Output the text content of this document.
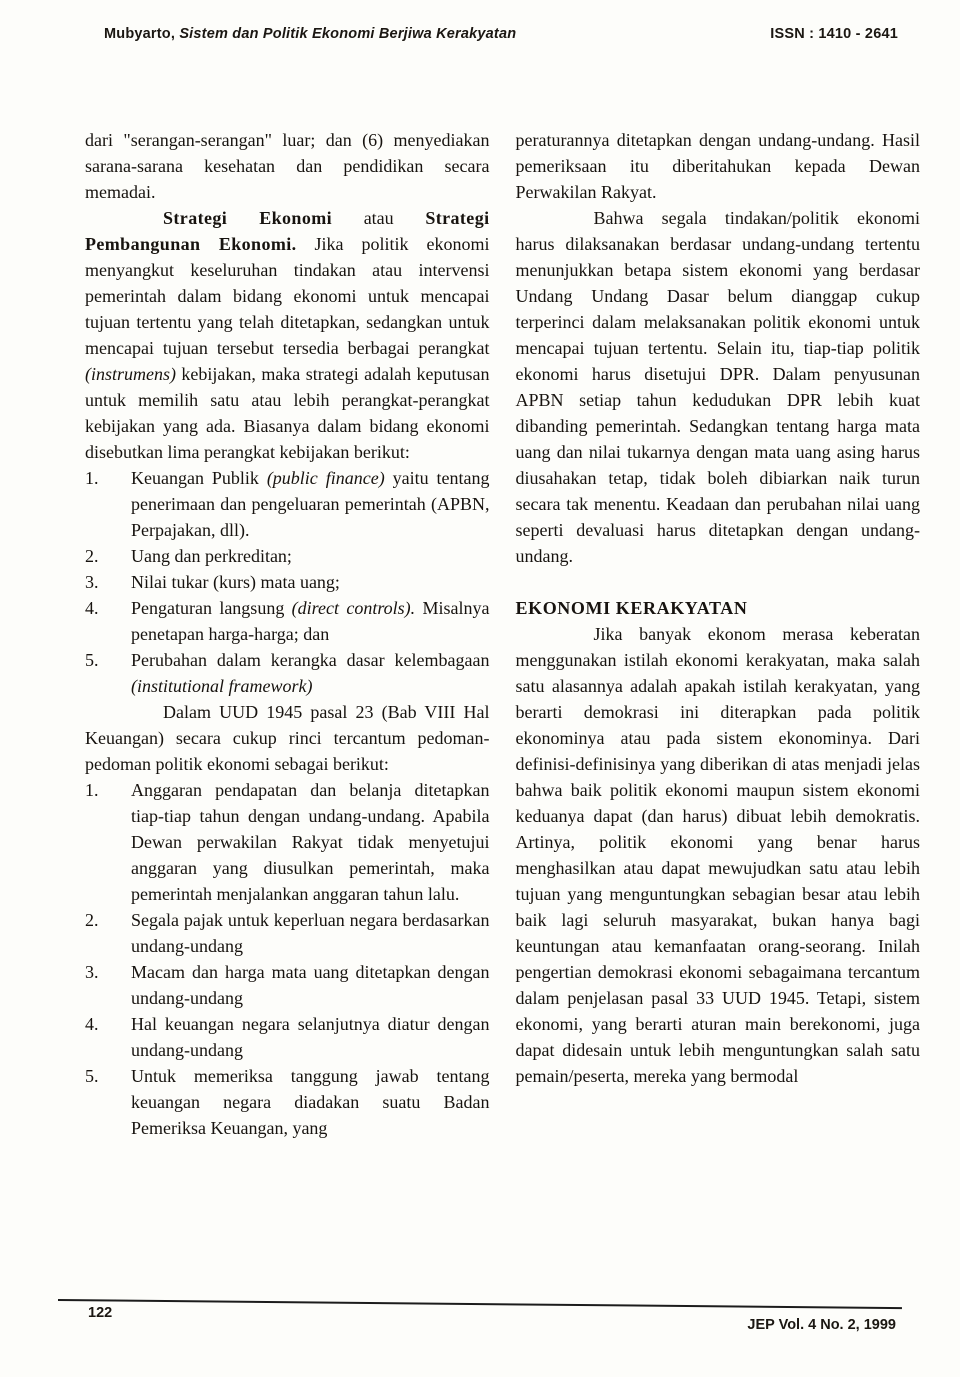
Mubyarto, Sistem dan Politik Ekonomi Berjiwa Kerakyatan	ISSN : 1410 - 2641

dari "serangan-serangan" luar; dan (6) menyediakan sarana-sarana kesehatan dan pendidikan secara memadai.

Strategi Ekonomi atau Strategi Pembangunan Ekonomi. Jika politik ekonomi menyangkut keseluruhan tindakan atau intervensi pemerintah dalam bidang ekonomi untuk mencapai tujuan tertentu yang telah ditetapkan, sedangkan untuk mencapai tujuan tersebut tersedia berbagai perangkat (instrumens) kebijakan, maka strategi adalah keputusan untuk memilih satu atau lebih perangkat-perangkat kebijakan yang ada. Biasanya dalam bidang ekonomi disebutkan lima perangkat kebijakan berikut:

1.	Keuangan Publik (public finance) yaitu tentang penerimaan dan pengeluaran pemerintah (APBN, Perpajakan, dll).
2.	Uang dan perkreditan;
3.	Nilai tukar (kurs) mata uang;
4.	Pengaturan langsung (direct controls). Misalnya penetapan harga-harga; dan
5.	Perubahan dalam kerangka dasar kelembagaan (institutional framework)

Dalam UUD 1945 pasal 23 (Bab VIII Hal Keuangan) secara cukup rinci tercantum pedoman-pedoman politik ekonomi sebagai berikut:

1.	Anggaran pendapatan dan belanja ditetapkan tiap-tiap tahun dengan undang-undang. Apabila Dewan perwakilan Rakyat tidak menyetujui anggaran yang diusulkan pemerintah, maka pemerintah menjalankan anggaran tahun lalu.
2.	Segala pajak untuk keperluan negara berdasarkan undang-undang
3.	Macam dan harga mata uang ditetapkan dengan undang-undang
4.	Hal keuangan negara selanjutnya diatur dengan undang-undang
5.	Untuk memeriksa tanggung jawab tentang keuangan negara diadakan suatu Badan Pemeriksa Keuangan, yang

peraturannya ditetapkan dengan undang-undang. Hasil pemeriksaan itu diberitahukan kepada Dewan Perwakilan Rakyat.

Bahwa segala tindakan/politik ekonomi harus dilaksanakan berdasar undang-undang tertentu menunjukkan betapa sistem ekonomi yang berdasar Undang Undang Dasar belum dianggap cukup terperinci dalam melaksanakan politik ekonomi untuk mencapai tujuan tertentu. Selain itu, tiap-tiap politik ekonomi harus disetujui DPR. Dalam penyusunan APBN setiap tahun kedudukan DPR lebih kuat dibanding pemerintah. Sedangkan tentang harga mata uang dan nilai tukarnya dengan mata uang asing harus diusahakan tetap, tidak boleh dibiarkan naik turun secara tak menentu. Keadaan dan perubahan nilai uang seperti devaluasi harus ditetapkan dengan undang-undang.

EKONOMI KERAKYATAN

Jika banyak ekonom merasa keberatan menggunakan istilah ekonomi kerakyatan, maka salah satu alasannya adalah apakah istilah kerakyatan, yang berarti demokrasi ini diterapkan pada politik ekonominya atau pada sistem ekonominya. Dari definisi-definisinya yang diberikan di atas menjadi jelas bahwa baik politik ekonomi maupun sistem ekonomi keduanya dapat (dan harus) dibuat lebih demokratis. Artinya, politik ekonomi yang benar harus menghasilkan atau dapat mewujudkan satu atau lebih tujuan yang menguntungkan sebagian besar atau lebih baik lagi seluruh masyarakat, bukan hanya bagi keuntungan atau kemanfaatan orang-seorang. Inilah pengertian demokrasi ekonomi sebagaimana tercantum dalam penjelasan pasal 33 UUD 1945. Tetapi, sistem ekonomi, yang berarti aturan main berekonomi, juga dapat didesain untuk lebih menguntungkan salah satu pemain/peserta, mereka yang bermodal

122
JEP Vol. 4 No. 2, 1999
